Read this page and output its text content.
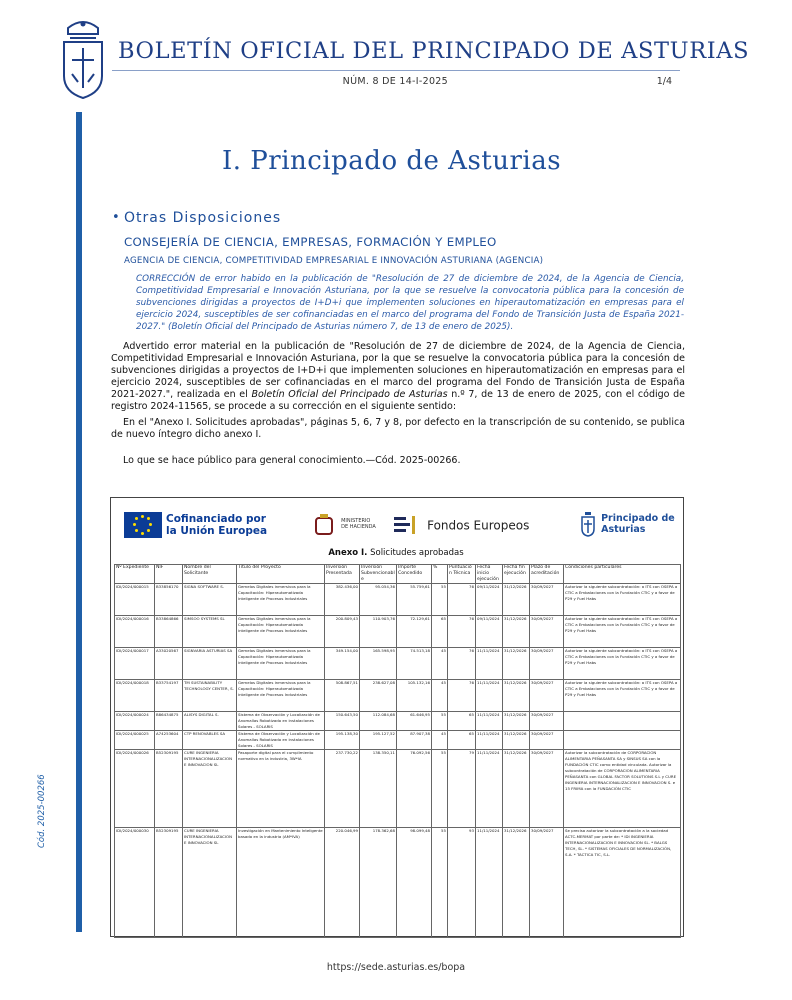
BOLETÍN OFICIAL DEL PRINCIPADO DE ASTURIAS
NÚM. 8 DE 14-I-2025	1/4
Cód. 2025-00266
I. Principado de Asturias
• Otras Disposiciones
CONSEJERÍA DE CIENCIA, EMPRESAS, FORMACIÓN Y EMPLEO
AGENCIA DE CIENCIA, COMPETITIVIDAD EMPRESARIAL E INNOVACIÓN ASTURIANA (AGENCIA)
CORRECCIÓN de error habido en la publicación de "Resolución de 27 de diciembre de 2024, de la Agencia de Ciencia, Competitividad Empresarial e Innovación Asturiana, por la que se resuelve la convocatoria pública para la concesión de subvenciones dirigidas a proyectos de I+D+i que implementen soluciones en hiperautomatización en empresas para el ejercicio 2024, susceptibles de ser cofinanciadas en el marco del programa del Fondo de Transición Justa de España 2021-2027." (Boletín Oficial del Principado de Asturias número 7, de 13 de enero de 2025).
Advertido error material en la publicación de "Resolución de 27 de diciembre de 2024, de la Agencia de Ciencia, Competitividad Empresarial e Innovación Asturiana, por la que se resuelve la convocatoria pública para la concesión de subvenciones dirigidas a proyectos de I+D+i que implementen soluciones en hiperautomatización en empresas para el ejercicio 2024, susceptibles de ser cofinanciadas en el marco del programa del Fondo de Transición Justa de España 2021-2027.", realizada en el Boletín Oficial del Principado de Asturias n.º 7, de 13 de enero de 2025, con el código de registro 2024-11565, se procede a su corrección en el siguiente sentido:
En el "Anexo I. Solicitudes aprobadas", páginas 5, 6, 7 y 8, por defecto en la transcripción de su contenido, se publica de nuevo íntegro dicho anexo I.
Lo que se hace público para general conocimiento.—Cód. 2025-00266.
Cofinanciado por
la Unión Europea
MINISTERIO DE HACIENDA	Fondos Europeos	Principado de
Asturias
Anexo I. Solicitudes aprobadas
Nº Expediente	NIF	Nombre del Solicitante	Título del Proyecto	Inversión Presentada	Inversión Subvencionable	Importe Concedido	%	Puntuación Técnica	Fecha inicio ejecución	Fecha fin ejecución	Plazo de acreditación	Condiciones particulares
IDI/2024/000015	B33856170	SIGNA SOFTWARE S.	Gemelos Digitales inmersivos para la Capacitación: Hiperautomatizada inteligente de Procesos Industriales	382.436,00	95.054,36	55.759,61	55	76	09/11/2024	31/12/2026	30/09/2027	Autorizar la siguiente subcontratación: a ITS con OSEPA a CTIC a Embalaciones con la Fundación CTIC y a favor de P29 y Fuel Habs
IDI/2024/000016	B33864866	SIMSOO SYSTEMS SL	Gemelos Digitales inmersivos para la Capacitación: Hiperautomatizada inteligente de Procesos Industriales	200.809,43	110.903,76	72.129,61	65	76	09/11/2024	31/12/2026	30/09/2027	Autorizar la siguiente subcontratación: a ITS con OSEPA a CTIC a Embalaciones con la Fundación CTIC y a favor de P29 y Fuel Habs
IDI/2024/000017	A33020567	SIGNVARIA ASTURIAS SA	Gemelos Digitales inmersivos para la Capacitación: Hiperautomatizada inteligente de Procesos Industriales	349.154,00	165.598,95	74.513,18	45	76	11/11/2024	31/12/2026	30/09/2027	Autorizar la siguiente subcontratación: a ITS con OSEPA a CTIC a Embalaciones con la Fundación CTIC y a favor de P29 y Fuel Habs
IDI/2024/000018	B33754197	TM SUSTAINABILITY TECHNOLOGY CENTER, S.	Gemelos Digitales inmersivos para la Capacitación: Hiperautomatizada inteligente de Procesos Industriales	508.867,51	238.627,08	105.132,16	45	76	11/11/2024	31/12/2026	30/09/2027	Autorizar la siguiente subcontratación: a ITS con OSEPA a CTIC a Embalaciones con la Fundación CTIC y a favor de P29 y Fuel Habs
IDI/2024/000024	B86434875	ALISYS DIGITAL S.	Sistema de Observación y Localización de Anomalías Robotizado en instalaciones Solares - SOLARIS	150.643,50	112.084,68	61.646,95	55	65	11/11/2024	31/12/2026	30/09/2027	
IDI/2024/000025	A74253604	CTP RENOVABLES SA	Sistema de Observación y Localización de Anomalías Robotizado en instalaciones Solares - SOLARIS	195.138,30	195.127,52	87.907,38	45	65	11/11/2024	31/12/2026	30/09/2027	
IDI/2024/000026	B52309195	CURE INGENIERIA INTERNACIONALIZACION E INNOVACION SL	Pasaporte digital para el cumplimiento normativo en la industria, 3W*IA	237.730,22	138.350,11	76.092,56	55	79	11/11/2024	31/12/2026	30/09/2027	Autorizar la subcontratación de CORPORACION ALIMENTARIA PEÑASANTA SA y SINSUS SA con la FUNDACIÓN CTIC como entidad vinculada. Autorizar la subcontratación de CORPORACION ALIMENTARIA PEÑASANTA con GLOBAL FACTOR SOLUTIONS S.L y CURE INGENIERIA INTERNACIONALIZACION E INNOVACION S. e 15 FRIMA con la FUNDACIÓN CTIC
IDI/2024/000030	B52309195	CURE INGENIERIA INTERNACIONALIZACION E INNOVACION SL	Investigación en Mantenimiento Inteligente basado en la industria (AM*IVA)	220.046,99	178.362,68	98.099,48	55	93	11/11/2024	31/12/2026	30/09/2027	Se precisa autorizar la subcontratación a la sociedad ACTC-MERMAT por parte de: * IDI INGENIERIA INTERNACIONALIZACION E INNOVACION SL. * BALGS TECH, SL. * SISTEMAS OFICIALES DE NORMALIZACIÓN, S.A. * TACTICA TIC, S.L.
https://sede.asturias.es/bopa
